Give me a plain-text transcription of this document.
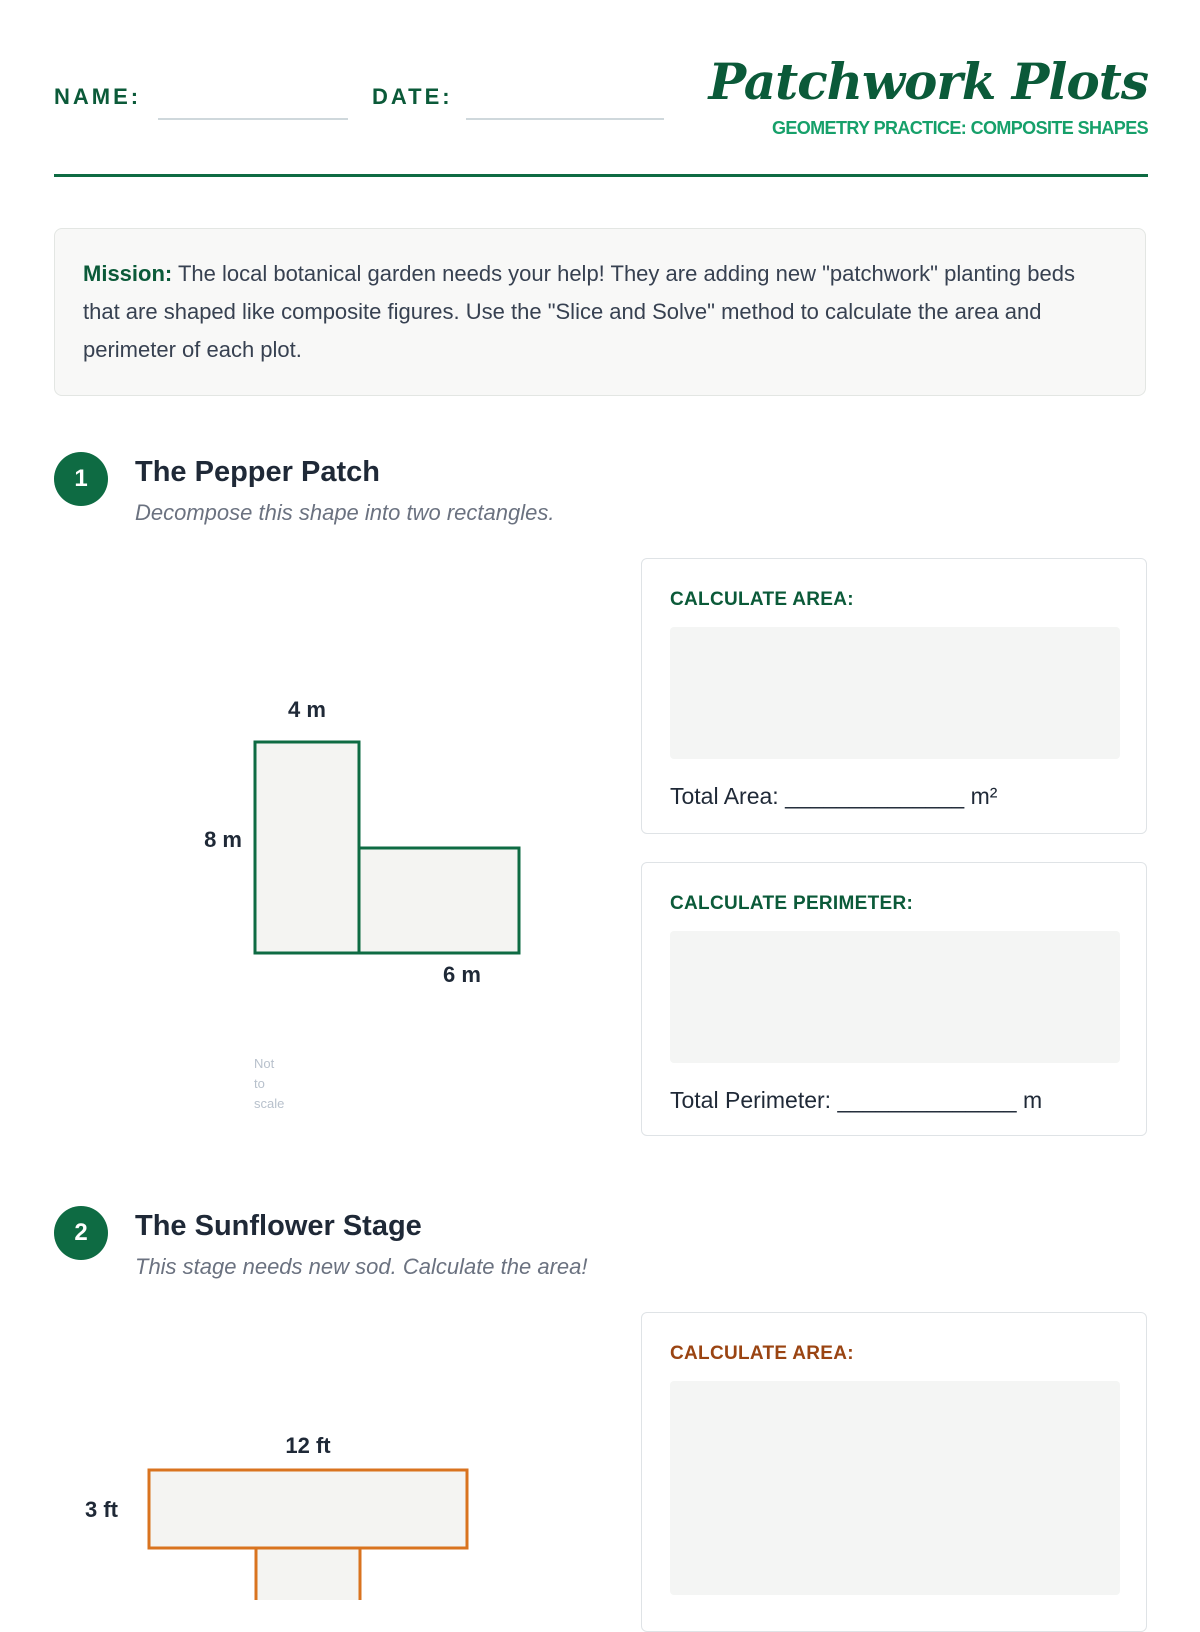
NAME:	DATE:	Patchwork Plots
GEOMETRY PRACTICE: COMPOSITE SHAPES
Mission: The local botanical garden needs your help! They are adding new "patchwork" planting beds that are shaped like composite figures. Use the "Slice and Solve" method to calculate the area and perimeter of each plot.
1	The Pepper Patch
Decompose this shape into two rectangles.
4 m
8 m
6 m
Not
to
scale
CALCULATE AREA:
Total Area: ______________ m²
CALCULATE PERIMETER:
Total Perimeter: ______________ m
2	The Sunflower Stage
This stage needs new sod. Calculate the area!
12 ft
3 ft
CALCULATE AREA:
